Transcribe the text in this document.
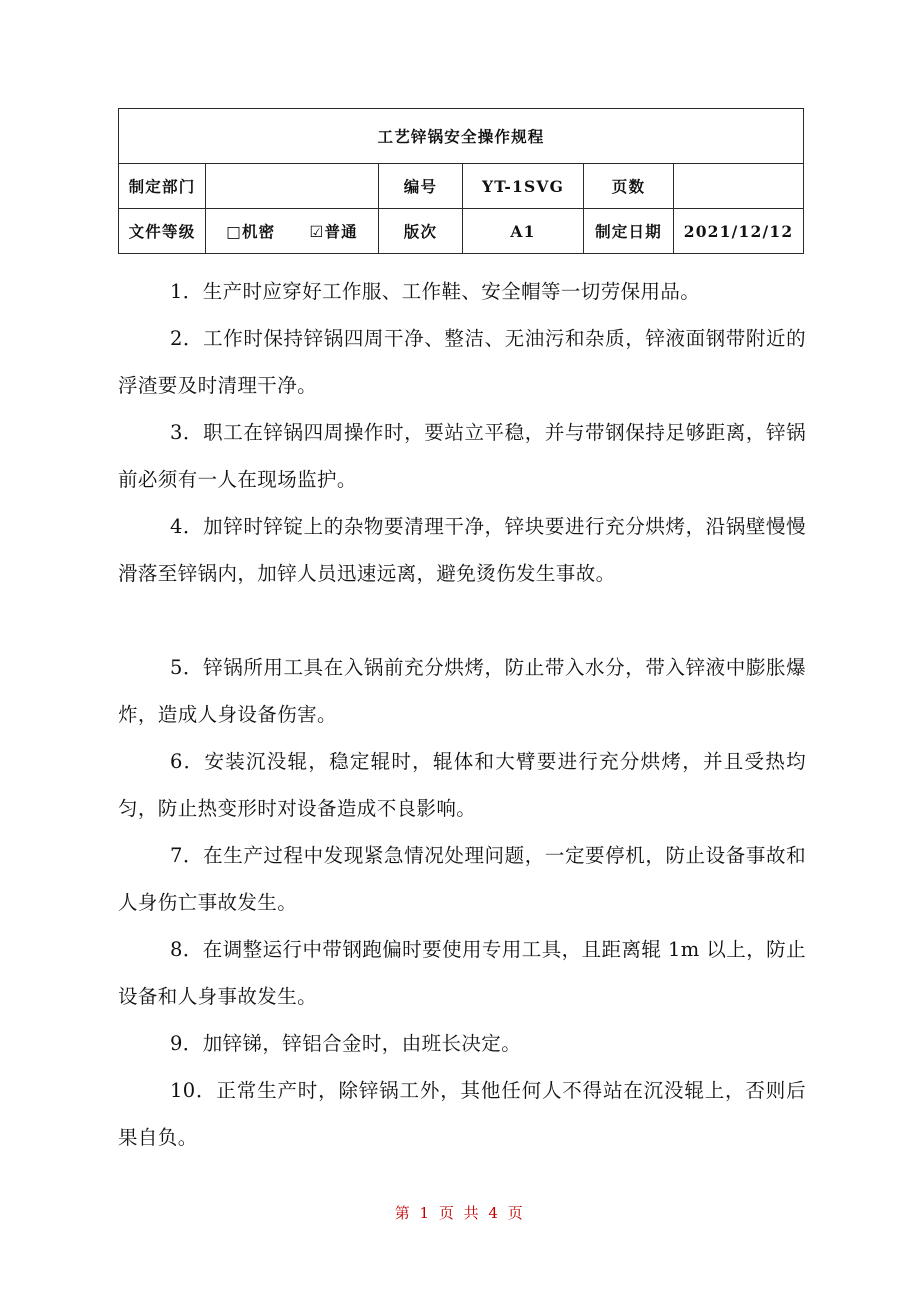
工艺锌锅安全操作规程					
制定部门		编号	YT-1SVG	页数	
文件等级	□机密 ☑普通	版次	A1	制定日期	2021/12/12

1．生产时应穿好工作服、工作鞋、安全帽等一切劳保用品。

2．工作时保持锌锅四周干净、整洁、无油污和杂质，锌液面钢带附近的浮渣要及时清理干净。

3．职工在锌锅四周操作时，要站立平稳，并与带钢保持足够距离，锌锅前必须有一人在现场监护。

4．加锌时锌锭上的杂物要清理干净，锌块要进行充分烘烤，沿锅壁慢慢滑落至锌锅内，加锌人员迅速远离，避免烫伤发生事故。

5．锌锅所用工具在入锅前充分烘烤，防止带入水分，带入锌液中膨胀爆炸，造成人身设备伤害。

6．安装沉没辊，稳定辊时，辊体和大臂要进行充分烘烤，并且受热均匀，防止热变形时对设备造成不良影响。

7．在生产过程中发现紧急情况处理问题，一定要停机，防止设备事故和人身伤亡事故发生。

8．在调整运行中带钢跑偏时要使用专用工具，且距离辊 1m 以上，防止设备和人身事故发生。

9．加锌锑，锌铝合金时，由班长决定。

10．正常生产时，除锌锅工外，其他任何人不得站在沉没辊上，否则后果自负。

第 1 页 共 4 页
